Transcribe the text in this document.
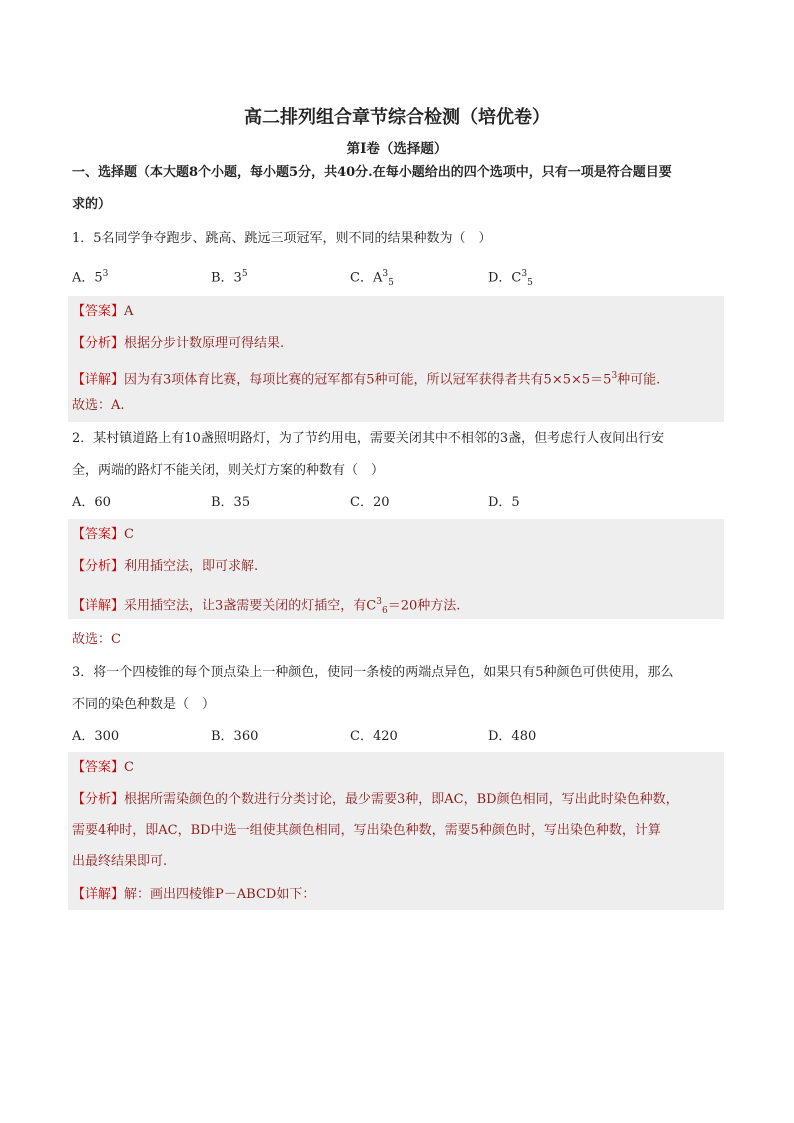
高二排列组合章节综合检测（培优卷）
第Ⅰ卷（选择题）
一、选择题（本大题8个小题，每小题5分，共40分.在每小题给出的四个选项中，只有一项是符合题目要
求的）
1．5名同学争夺跑步、跳高、跳远三项冠军，则不同的结果种数为（　）
A．$5^3$	B．$3^5$	C．$A^3_5$	D．$C^3_5$
【答案】A
【分析】根据分步计数原理可得结果.
【详解】因为有3项体育比赛，每项比赛的冠军都有5种可能，所以冠军获得者共有$5\times 5\times 5=5^3$种可能.
故选：A.
2．某村镇道路上有10盏照明路灯，为了节约用电，需要关闭其中不相邻的3盏，但考虑行人夜间出行安
全，两端的路灯不能关闭，则关灯方案的种数有（　）
A．60	B．35	C．20	D．5
【答案】C
【分析】利用插空法，即可求解.
【详解】采用插空法，让3盏需要关闭的灯插空，有$C^3_6=20$种方法.
故选：C
3．将一个四棱锥的每个顶点染上一种颜色，使同一条棱的两端点异色，如果只有5种颜色可供使用，那么
不同的染色种数是（　）
A．300	B．360	C．420	D．480
【答案】C
【分析】根据所需染颜色的个数进行分类讨论，最少需要3种，即AC，BD颜色相同，写出此时染色种数，
需要4种时，即AC，BD中选一组使其颜色相同，写出染色种数，需要5种颜色时，写出染色种数，计算
出最终结果即可.
【详解】解：画出四棱锥P－ABCD如下：
